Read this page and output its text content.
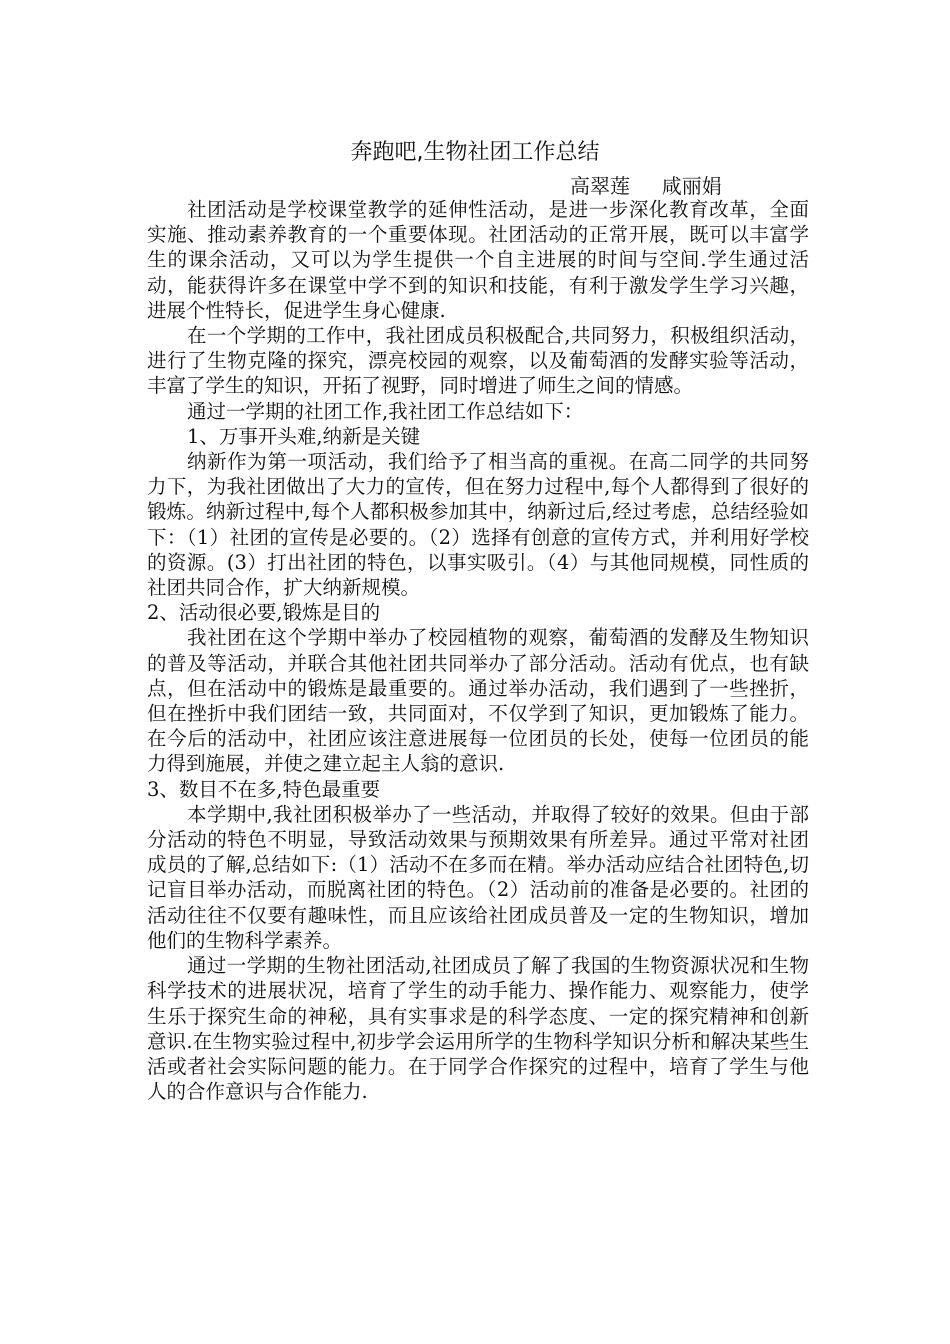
奔跑吧,生物社团工作总结
高翠莲     咸丽娟

社团活动是学校课堂教学的延伸性活动，是进一步深化教育改革，全面实施、推动素养教育的一个重要体现。社团活动的正常开展，既可以丰富学生的课余活动，又可以为学生提供一个自主进展的时间与空间.学生通过活动，能获得许多在课堂中学不到的知识和技能，有利于激发学生学习兴趣，进展个性特长，促进学生身心健康.

在一个学期的工作中，我社团成员积极配合,共同努力，积极组织活动，进行了生物克隆的探究，漂亮校园的观察，以及葡萄酒的发酵实验等活动，丰富了学生的知识，开拓了视野，同时增进了师生之间的情感。

通过一学期的社团工作,我社团工作总结如下：

1、万事开头难,纳新是关键

纳新作为第一项活动，我们给予了相当高的重视。在高二同学的共同努力下，为我社团做出了大力的宣传，但在努力过程中,每个人都得到了很好的锻炼。纳新过程中,每个人都积极参加其中，纳新过后,经过考虑，总结经验如下：（1）社团的宣传是必要的。（2）选择有创意的宣传方式，并利用好学校的资源。(3）打出社团的特色，以事实吸引。（4）与其他同规模，同性质的社团共同合作，扩大纳新规模。

2、活动很必要,锻炼是目的

我社团在这个学期中举办了校园植物的观察，葡萄酒的发酵及生物知识的普及等活动，并联合其他社团共同举办了部分活动。活动有优点，也有缺点，但在活动中的锻炼是最重要的。通过举办活动，我们遇到了一些挫折，但在挫折中我们团结一致，共同面对，不仅学到了知识，更加锻炼了能力。在今后的活动中，社团应该注意进展每一位团员的长处，使每一位团员的能力得到施展，并使之建立起主人翁的意识.

3、数目不在多,特色最重要

本学期中,我社团积极举办了一些活动，并取得了较好的效果。但由于部分活动的特色不明显，导致活动效果与预期效果有所差异。通过平常对社团成员的了解,总结如下:（1）活动不在多而在精。举办活动应结合社团特色,切记盲目举办活动，而脱离社团的特色。（2）活动前的准备是必要的。社团的活动往往不仅要有趣味性，而且应该给社团成员普及一定的生物知识，增加他们的生物科学素养。

通过一学期的生物社团活动,社团成员了解了我国的生物资源状况和生物科学技术的进展状况，培育了学生的动手能力、操作能力、观察能力，使学生乐于探究生命的神秘，具有实事求是的科学态度、一定的探究精神和创新意识.在生物实验过程中,初步学会运用所学的生物科学知识分析和解决某些生活或者社会实际问题的能力。在于同学合作探究的过程中，培育了学生与他人的合作意识与合作能力.
